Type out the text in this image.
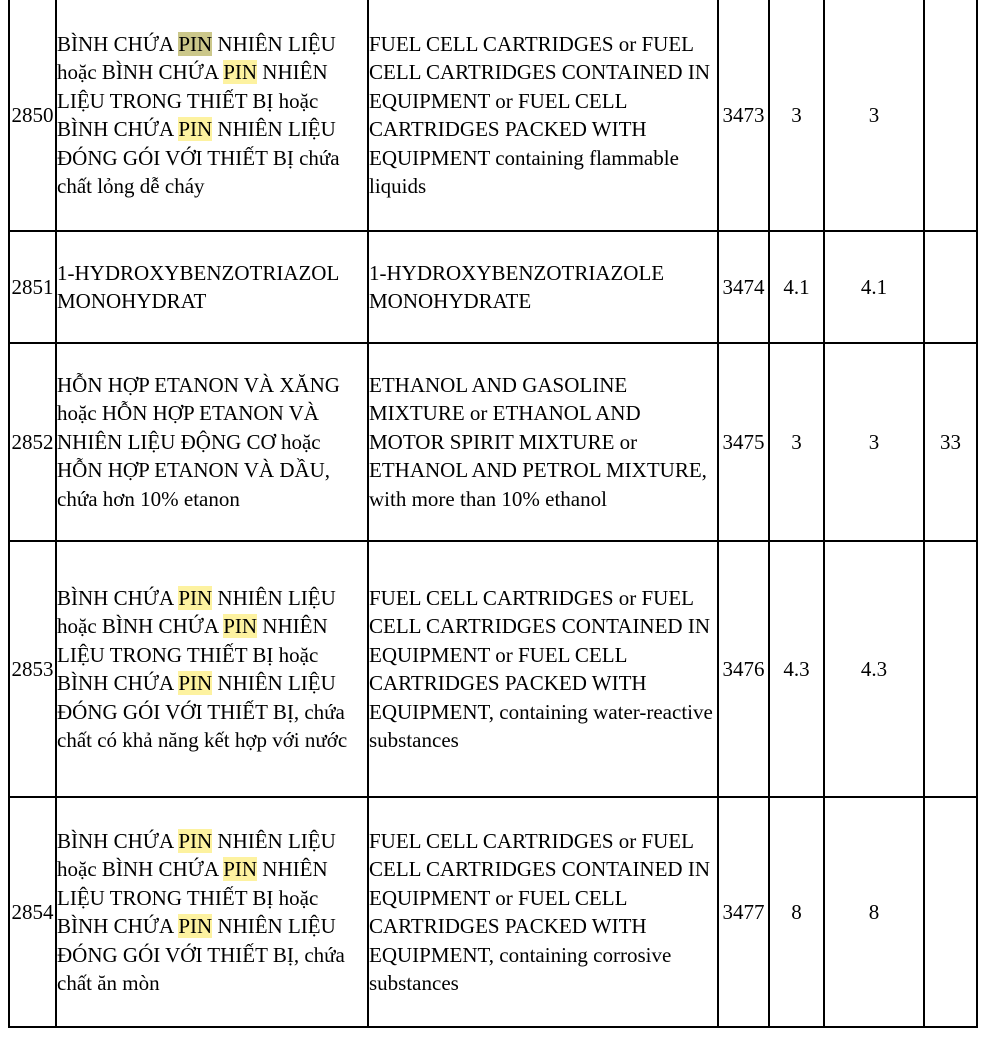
2850	BÌNH CHỨA PIN NHIÊN LIỆU hoặc BÌNH CHỨA PIN NHIÊN LIỆU TRONG THIẾT BỊ hoặc BÌNH CHỨA PIN NHIÊN LIỆU ĐÓNG GÓI VỚI THIẾT BỊ chứa chất lỏng dễ cháy	FUEL CELL CARTRIDGES or FUEL CELL CARTRIDGES CONTAINED IN EQUIPMENT or FUEL CELL CARTRIDGES PACKED WITH EQUIPMENT containing flammable liquids	3473	3	3	
2851	1-HYDROXYBENZOTRIAZOL MONOHYDRAT	1-HYDROXYBENZOTRIAZOLE MONOHYDRATE	3474	4.1	4.1	
2852	HỖN HỢP ETANON VÀ XĂNG hoặc HỖN HỢP ETANON VÀ NHIÊN LIỆU ĐỘNG CƠ hoặc HỖN HỢP ETANON VÀ DẦU, chứa hơn 10% etanon	ETHANOL AND GASOLINE MIXTURE or ETHANOL AND MOTOR SPIRIT MIXTURE or ETHANOL AND PETROL MIXTURE, with more than 10% ethanol	3475	3	3	33
2853	BÌNH CHỨA PIN NHIÊN LIỆU hoặc BÌNH CHỨA PIN NHIÊN LIỆU TRONG THIẾT BỊ hoặc BÌNH CHỨA PIN NHIÊN LIỆU ĐÓNG GÓI VỚI THIẾT BỊ, chứa chất có khả năng kết hợp với nước	FUEL CELL CARTRIDGES or FUEL CELL CARTRIDGES CONTAINED IN EQUIPMENT or FUEL CELL CARTRIDGES PACKED WITH EQUIPMENT, containing water-reactive substances	3476	4.3	4.3	
2854	BÌNH CHỨA PIN NHIÊN LIỆU hoặc BÌNH CHỨA PIN NHIÊN LIỆU TRONG THIẾT BỊ hoặc BÌNH CHỨA PIN NHIÊN LIỆU ĐÓNG GÓI VỚI THIẾT BỊ, chứa chất ăn mòn	FUEL CELL CARTRIDGES or FUEL CELL CARTRIDGES CONTAINED IN EQUIPMENT or FUEL CELL CARTRIDGES PACKED WITH EQUIPMENT, containing corrosive substances	3477	8	8	
